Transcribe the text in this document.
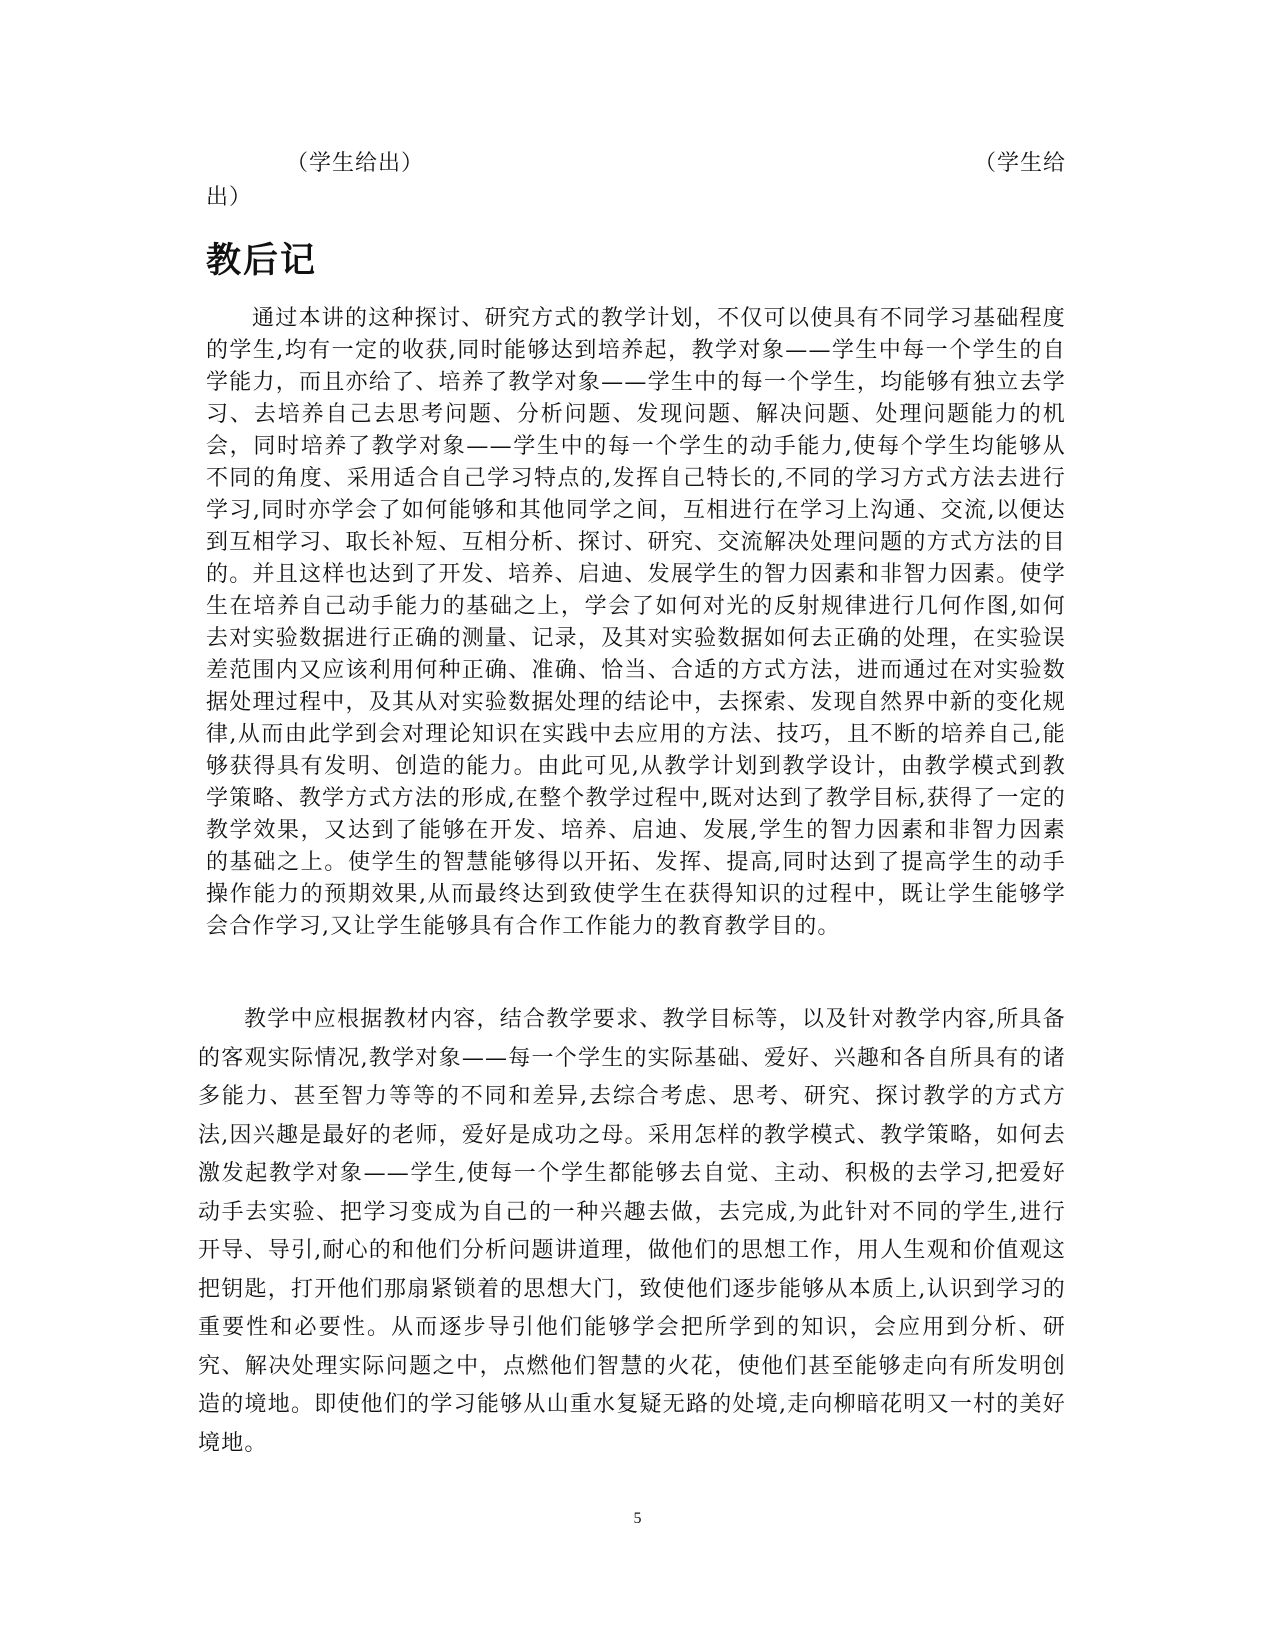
（学生给出）	（学生给
出）
教后记

通过本讲的这种探讨、研究方式的教学计划，不仅可以使具有不同学习基础程度的学生,均有一定的收获,同时能够达到培养起，教学对象——学生中每一个学生的自学能力，而且亦给了、培养了教学对象——学生中的每一个学生，均能够有独立去学习、去培养自己去思考问题、分析问题、发现问题、解决问题、处理问题能力的机会，同时培养了教学对象——学生中的每一个学生的动手能力,使每个学生均能够从不同的角度、采用适合自己学习特点的,发挥自己特长的,不同的学习方式方法去进行学习,同时亦学会了如何能够和其他同学之间，互相进行在学习上沟通、交流,以便达到互相学习、取长补短、互相分析、探讨、研究、交流解决处理问题的方式方法的目的。并且这样也达到了开发、培养、启迪、发展学生的智力因素和非智力因素。使学生在培养自己动手能力的基础之上，学会了如何对光的反射规律进行几何作图,如何去对实验数据进行正确的测量、记录，及其对实验数据如何去正确的处理，在实验误差范围内又应该利用何种正确、准确、恰当、合适的方式方法，进而通过在对实验数据处理过程中，及其从对实验数据处理的结论中，去探索、发现自然界中新的变化规律,从而由此学到会对理论知识在实践中去应用的方法、技巧，且不断的培养自己,能够获得具有发明、创造的能力。由此可见,从教学计划到教学设计，由教学模式到教学策略、教学方式方法的形成,在整个教学过程中,既对达到了教学目标,获得了一定的教学效果，又达到了能够在开发、培养、启迪、发展,学生的智力因素和非智力因素的基础之上。使学生的智慧能够得以开拓、发挥、提高,同时达到了提高学生的动手操作能力的预期效果,从而最终达到致使学生在获得知识的过程中，既让学生能够学会合作学习,又让学生能够具有合作工作能力的教育教学目的。

教学中应根据教材内容，结合教学要求、教学目标等，以及针对教学内容,所具备的客观实际情况,教学对象——每一个学生的实际基础、爱好、兴趣和各自所具有的诸多能力、甚至智力等等的不同和差异,去综合考虑、思考、研究、探讨教学的方式方法,因兴趣是最好的老师，爱好是成功之母。采用怎样的教学模式、教学策略，如何去激发起教学对象——学生,使每一个学生都能够去自觉、主动、积极的去学习,把爱好动手去实验、把学习变成为自己的一种兴趣去做，去完成,为此针对不同的学生,进行开导、导引,耐心的和他们分析问题讲道理，做他们的思想工作，用人生观和价值观这把钥匙，打开他们那扇紧锁着的思想大门，致使他们逐步能够从本质上,认识到学习的重要性和必要性。从而逐步导引他们能够学会把所学到的知识，会应用到分析、研究、解决处理实际问题之中，点燃他们智慧的火花，使他们甚至能够走向有所发明创造的境地。即使他们的学习能够从山重水复疑无路的处境,走向柳暗花明又一村的美好境地。

5
